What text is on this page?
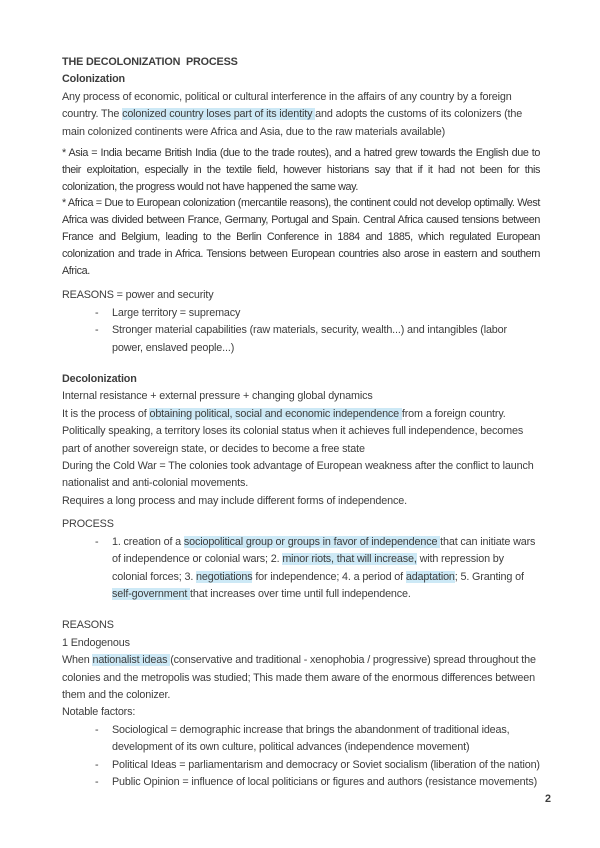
THE DECOLONIZATION  PROCESS

Colonization

Any process of economic, political or cultural interference in the affairs of any country by a foreign country. The colonized country loses part of its identity and adopts the customs of its colonizers (the main colonized continents were Africa and Asia, due to the raw materials available)

* Asia = India became British India (due to the trade routes), and a hatred grew towards the English due to their exploitation, especially in the textile field, however historians say that if it had not been for this colonization, the progress would not have happened the same way.

* Africa = Due to European colonization (mercantile reasons), the continent could not develop optimally. West Africa was divided between France, Germany, Portugal and Spain. Central Africa caused tensions between France and Belgium, leading to the Berlin Conference in 1884 and 1885, which regulated European colonization and trade in Africa. Tensions between European countries also arose in eastern and southern Africa.

REASONS = power and security

- Large territory = supremacy
- Stronger material capabilities (raw materials, security, wealth...) and intangibles (labor power, enslaved people...)

Decolonization

Internal resistance + external pressure + changing global dynamics

It is the process of obtaining political, social and economic independence from a foreign country. Politically speaking, a territory loses its colonial status when it achieves full independence, becomes part of another sovereign state, or decides to become a free state

During the Cold War = The colonies took advantage of European weakness after the conflict to launch nationalist and anti-colonial movements.

Requires a long process and may include different forms of independence.

PROCESS

- 1. creation of a sociopolitical group or groups in favor of independence that can initiate wars of independence or colonial wars; 2. minor riots, that will increase, with repression by colonial forces; 3. negotiations for independence; 4. a period of adaptation; 5. Granting of self-government that increases over time until full independence.

REASONS

1 Endogenous

When nationalist ideas (conservative and traditional - xenophobia / progressive) spread throughout the colonies and the metropolis was studied; This made them aware of the enormous differences between them and the colonizer.

Notable factors:

- Sociological = demographic increase that brings the abandonment of traditional ideas, development of its own culture, political advances (independence movement)
- Political Ideas = parliamentarism and democracy or Soviet socialism (liberation of the nation)
- Public Opinion = influence of local politicians or figures and authors (resistance movements)
2
